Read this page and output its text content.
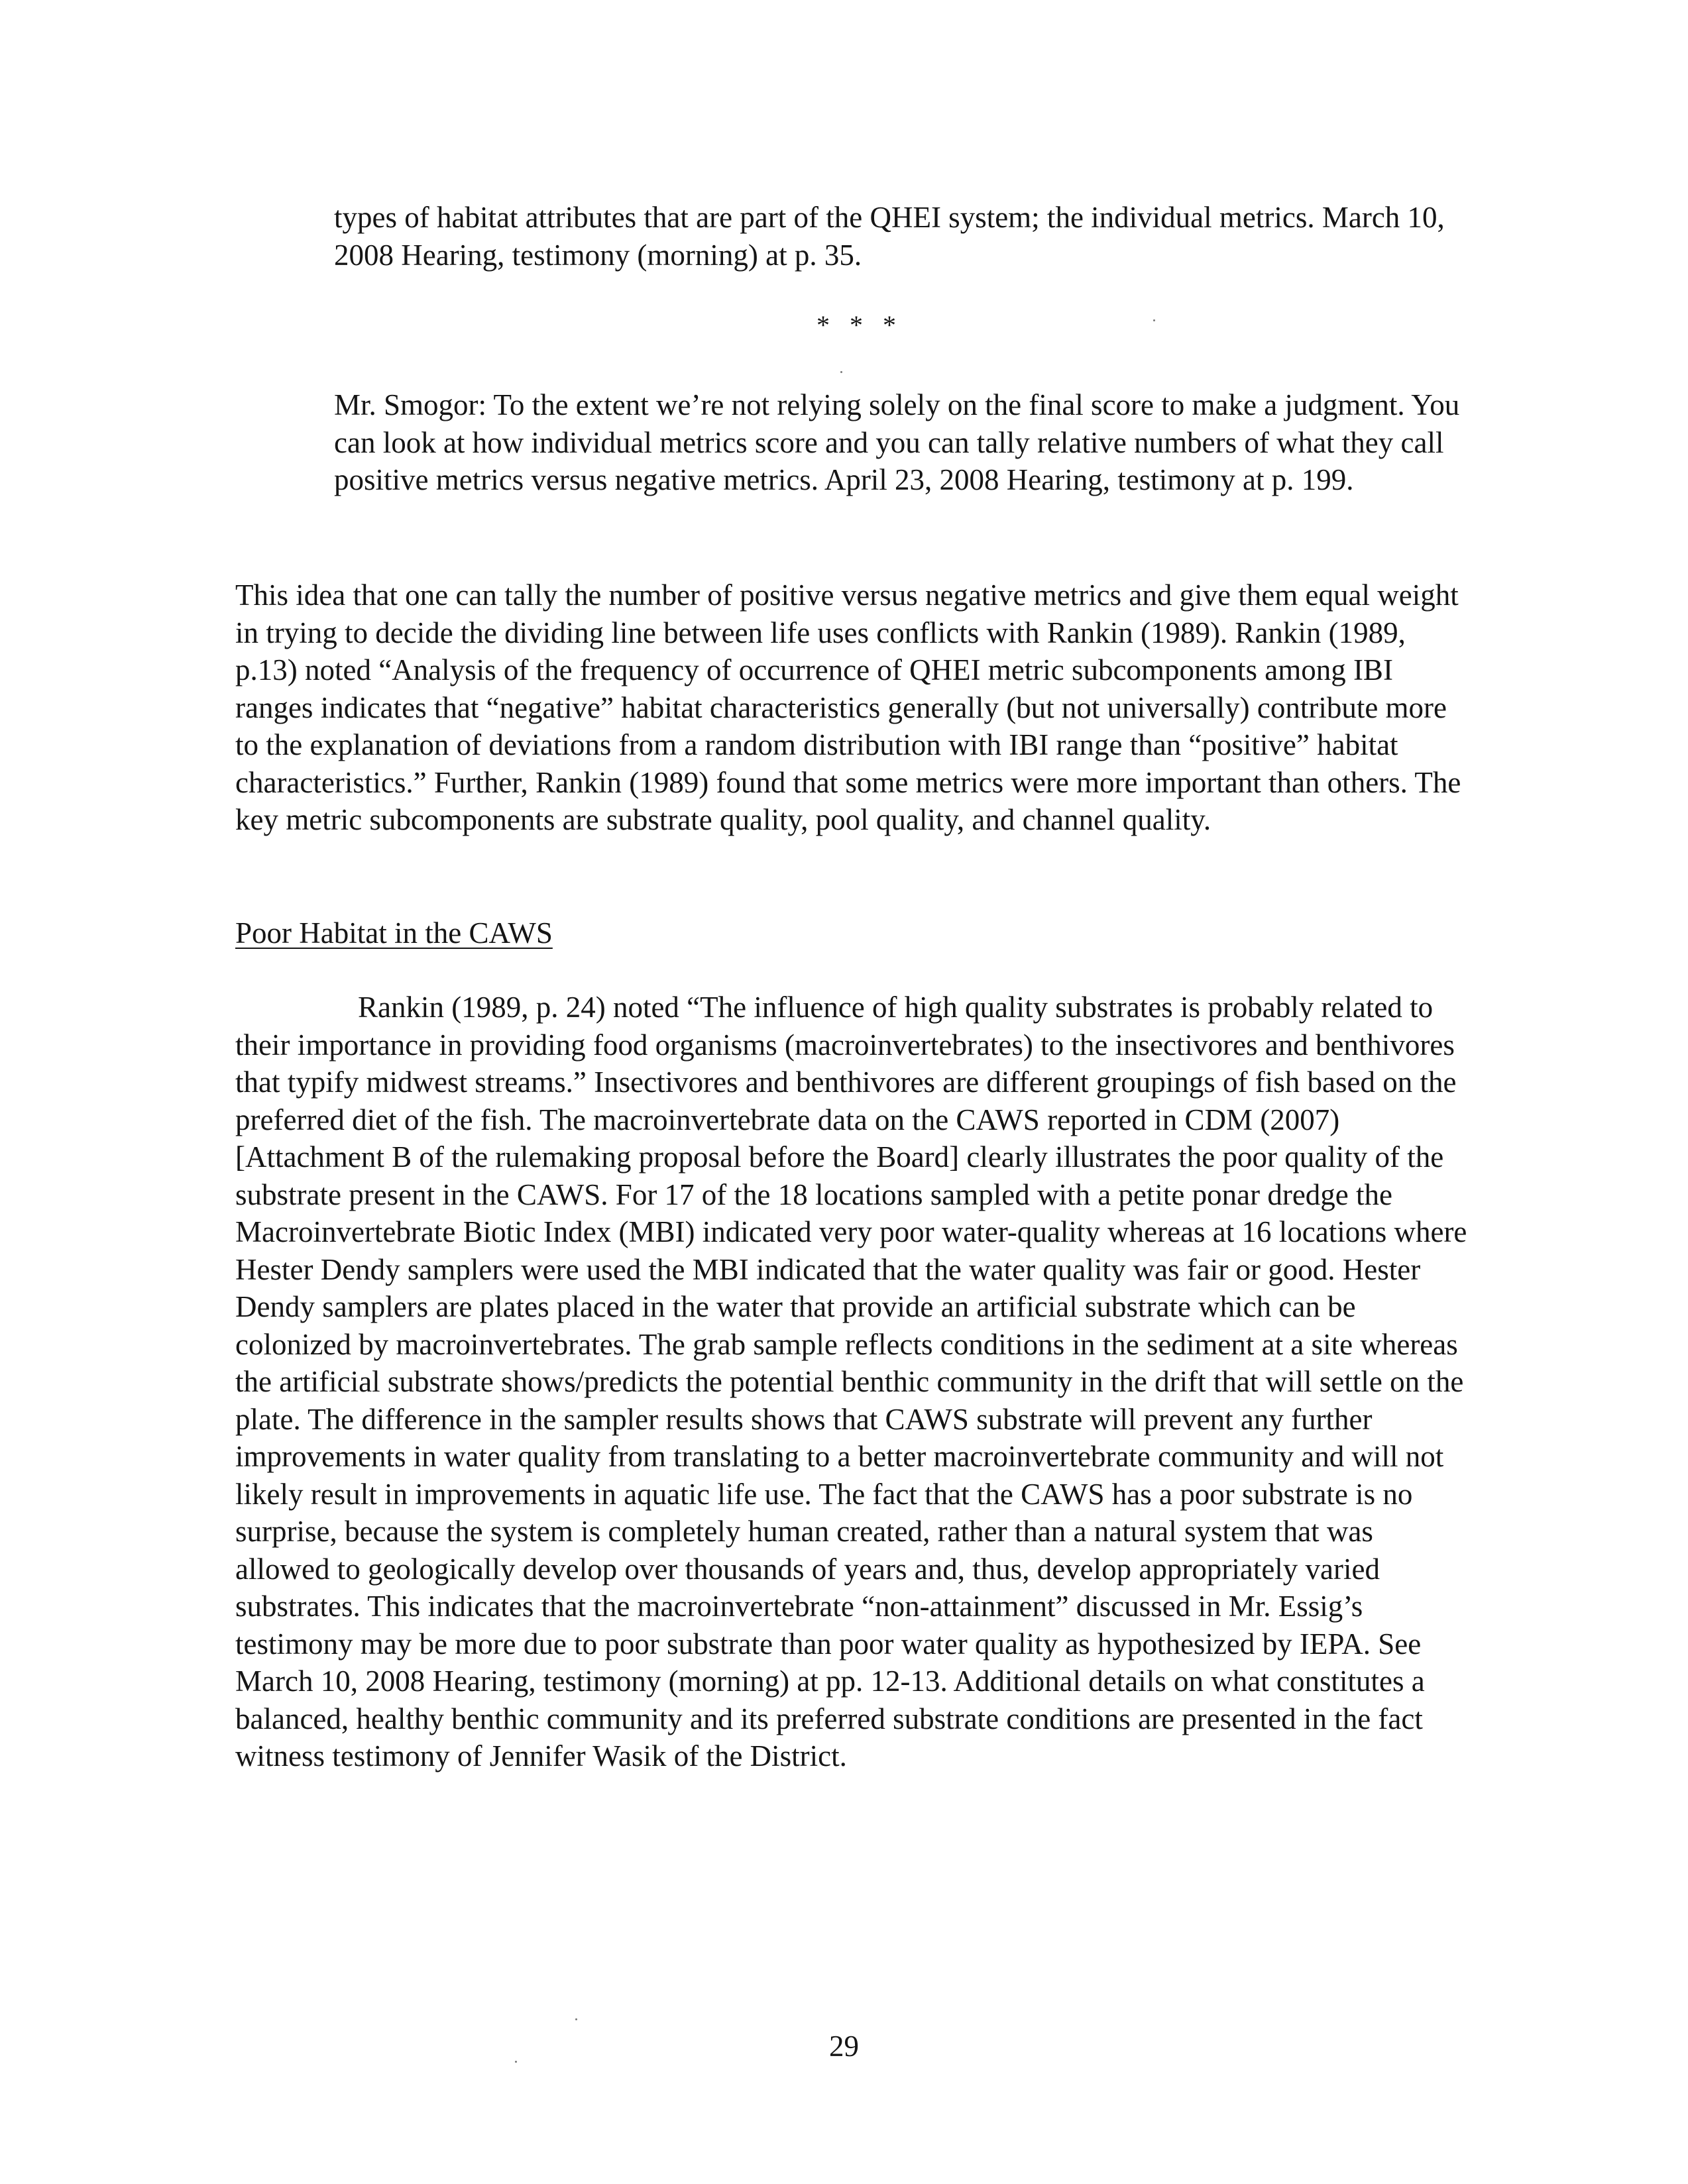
types of habitat attributes that are part of the QHEI system; the individual metrics. March 10, 2008 Hearing, testimony (morning) at p. 35.

* * *

Mr. Smogor: To the extent we’re not relying solely on the final score to make a judgment. You can look at how individual metrics score and you can tally relative numbers of what they call positive metrics versus negative metrics. April 23, 2008 Hearing, testimony at p. 199.

This idea that one can tally the number of positive versus negative metrics and give them equal weight in trying to decide the dividing line between life uses conflicts with Rankin (1989). Rankin (1989, p.13) noted “Analysis of the frequency of occurrence of QHEI metric subcomponents among IBI ranges indicates that “negative” habitat characteristics generally (but not universally) contribute more to the explanation of deviations from a random distribution with IBI range than “positive” habitat characteristics.” Further, Rankin (1989) found that some metrics were more important than others. The key metric subcomponents are substrate quality, pool quality, and channel quality.

Poor Habitat in the CAWS

Rankin (1989, p. 24) noted “The influence of high quality substrates is probably related to their importance in providing food organisms (macroinvertebrates) to the insectivores and benthivores that typify midwest streams.” Insectivores and benthivores are different groupings of fish based on the preferred diet of the fish. The macroinvertebrate data on the CAWS reported in CDM (2007) [Attachment B of the rulemaking proposal before the Board] clearly illustrates the poor quality of the substrate present in the CAWS. For 17 of the 18 locations sampled with a petite ponar dredge the Macroinvertebrate Biotic Index (MBI) indicated very poor water-quality whereas at 16 locations where Hester Dendy samplers were used the MBI indicated that the water quality was fair or good. Hester Dendy samplers are plates placed in the water that provide an artificial substrate which can be colonized by macroinvertebrates. The grab sample reflects conditions in the sediment at a site whereas the artificial substrate shows/predicts the potential benthic community in the drift that will settle on the plate. The difference in the sampler results shows that CAWS substrate will prevent any further improvements in water quality from translating to a better macroinvertebrate community and will not likely result in improvements in aquatic life use. The fact that the CAWS has a poor substrate is no surprise, because the system is completely human created, rather than a natural system that was allowed to geologically develop over thousands of years and, thus, develop appropriately varied substrates. This indicates that the macroinvertebrate “non-attainment” discussed in Mr. Essig’s testimony may be more due to poor substrate than poor water quality as hypothesized by IEPA. See March 10, 2008 Hearing, testimony (morning) at pp. 12-13. Additional details on what constitutes a balanced, healthy benthic community and its preferred substrate conditions are presented in the fact witness testimony of Jennifer Wasik of the District.

29
